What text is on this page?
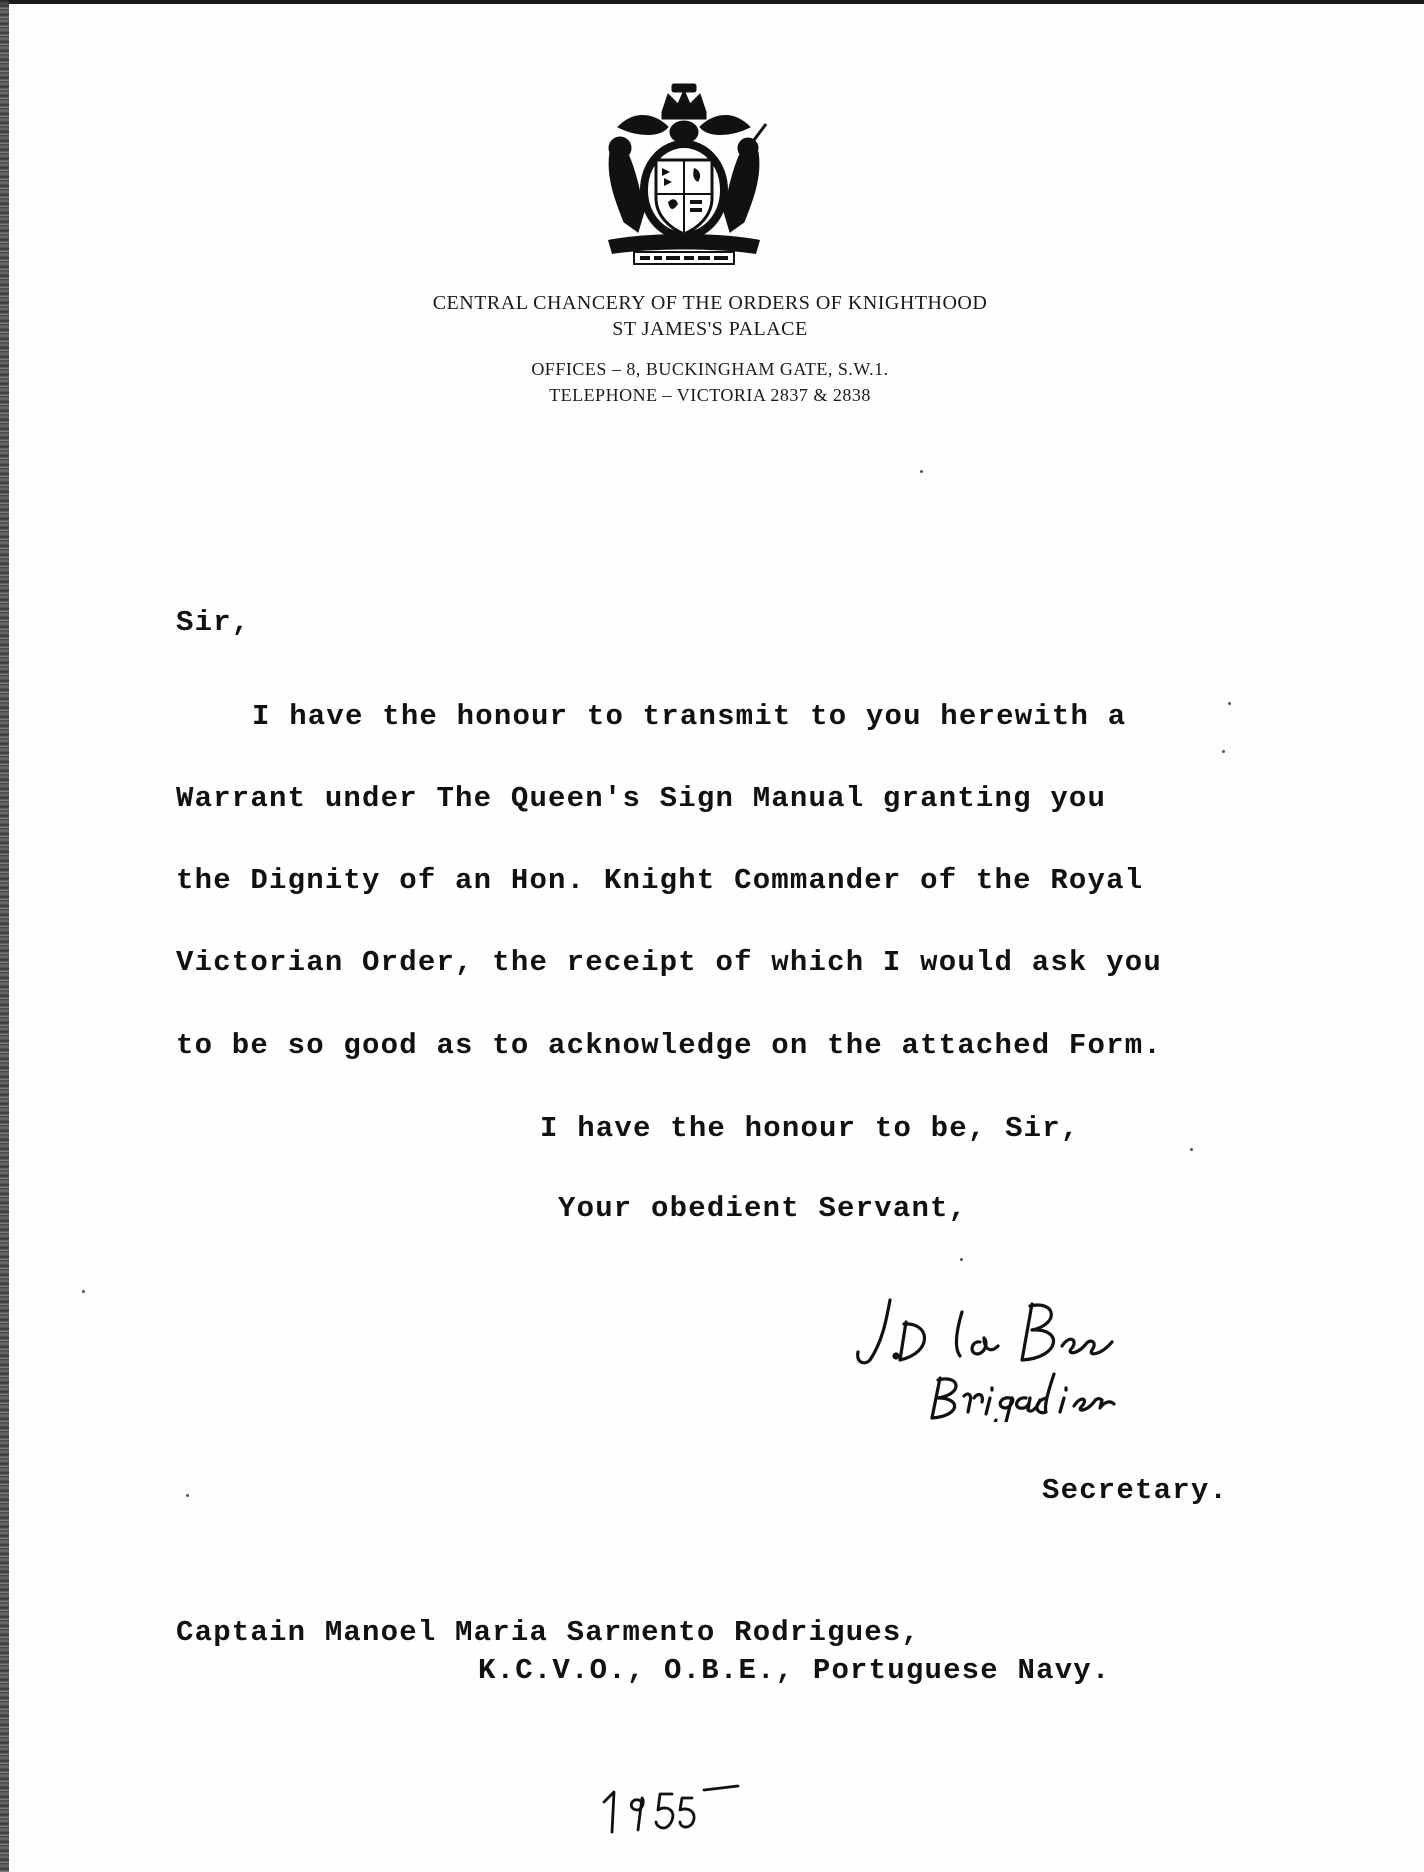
CENTRAL CHANCERY OF THE ORDERS OF KNIGHTHOOD
ST JAMES'S PALACE
OFFICES – 8, BUCKINGHAM GATE, S.W.1.
TELEPHONE – VICTORIA 2837 & 2838
Sir,
I have the honour to transmit to you herewith a
Warrant under The Queen's Sign Manual granting you
the Dignity of an Hon. Knight Commander of the Royal
Victorian Order, the receipt of which I would ask you
to be so good as to acknowledge on the attached Form.
I have the honour to be, Sir,
Your obedient Servant,
Secretary.
Captain Manoel Maria Sarmento Rodrigues,
K.C.V.O., O.B.E., Portuguese Navy.
